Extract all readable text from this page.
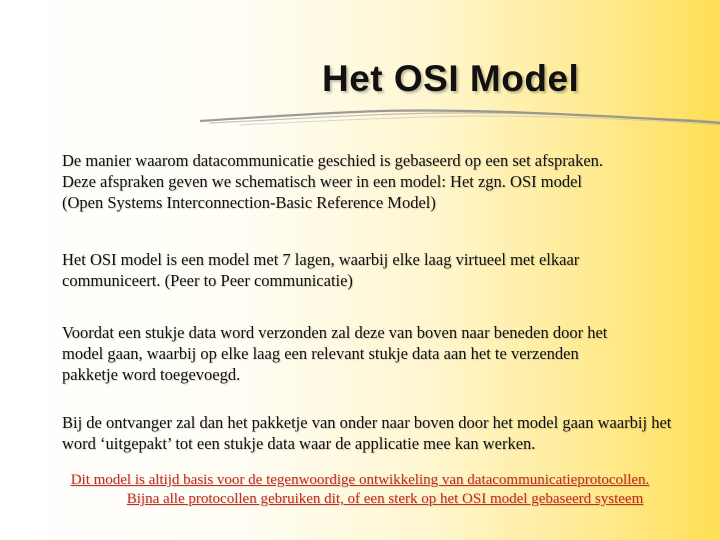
Het OSI Model

De manier waarom datacommunicatie geschied is gebaseerd op een set afspraken.
Deze afspraken geven we schematisch weer in een model: Het zgn. OSI model
(Open Systems Interconnection-Basic Reference Model)

Het OSI model is een model met 7 lagen, waarbij elke laag virtueel met elkaar
communiceert. (Peer to Peer communicatie)

Voordat een stukje data word verzonden zal deze van boven naar beneden door het
model gaan, waarbij op elke laag een relevant stukje data aan het te verzenden
pakketje word toegevoegd.

Bij de ontvanger zal dan het pakketje van onder naar boven door het model gaan waarbij het
word ‘uitgepakt’ tot een stukje data waar de applicatie mee kan werken.

Dit model is altijd basis voor de tegenwoordige ontwikkeling van datacommunicatieprotocollen.
Bijna alle protocollen gebruiken dit, of een sterk op het OSI model gebaseerd systeem
